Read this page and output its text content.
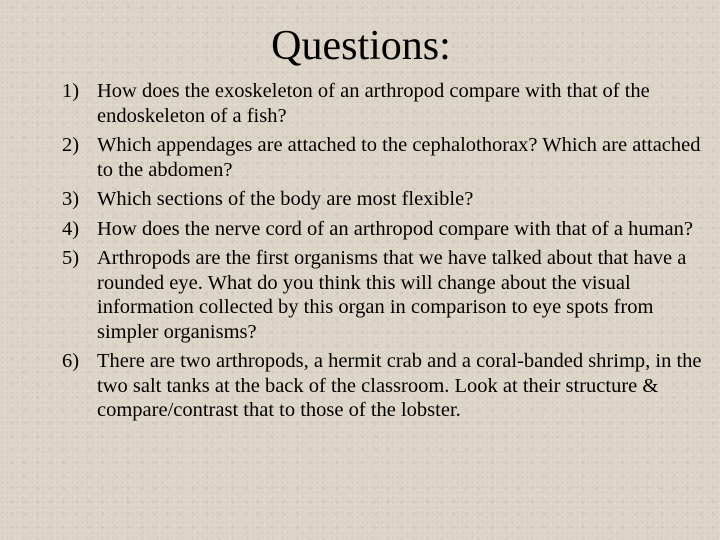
Questions:
1) How does the exoskeleton of an arthropod compare with that of the endoskeleton of a fish?
2) Which appendages are attached to the cephalothorax? Which are attached to the abdomen?
3) Which sections of the body are most flexible?
4) How does the nerve cord of an arthropod compare with that of a human?
5) Arthropods are the first organisms that we have talked about that have a rounded eye. What do you think this will change about the visual information collected by this organ in comparison to eye spots from simpler organisms?
6) There are two arthropods, a hermit crab and a coral-banded shrimp, in the two salt tanks at the back of the classroom. Look at their structure & compare/contrast that to those of the lobster.
